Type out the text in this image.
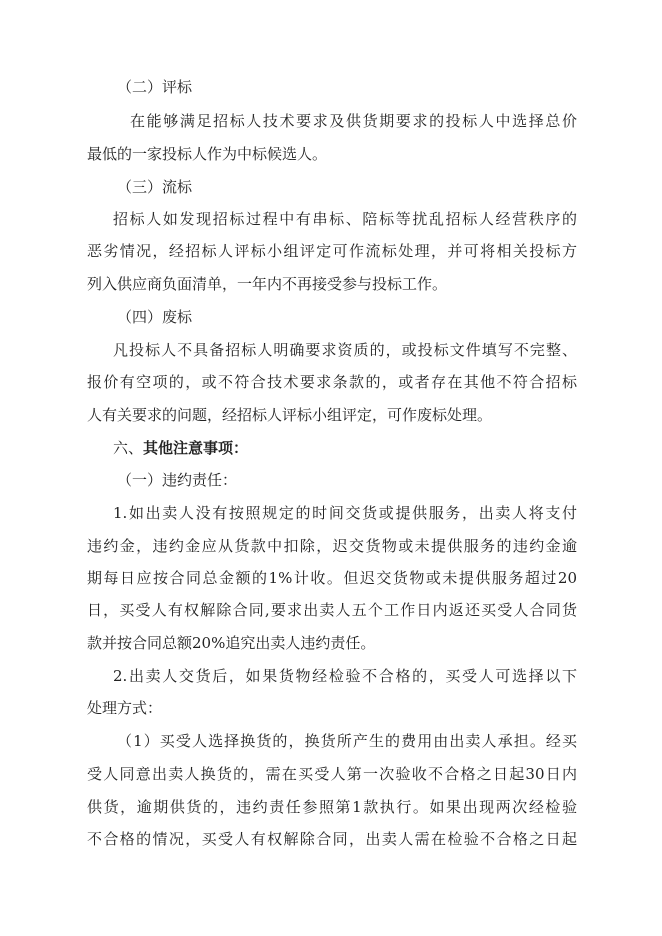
（二）评标
在能够满足招标人技术要求及供货期要求的投标人中选择总价
最低的一家投标人作为中标候选人。
（三）流标
招标人如发现招标过程中有串标、陪标等扰乱招标人经营秩序的
恶劣情况，经招标人评标小组评定可作流标处理，并可将相关投标方
列入供应商负面清单，一年内不再接受参与投标工作。
（四）废标
凡投标人不具备招标人明确要求资质的，或投标文件填写不完整、
报价有空项的，或不符合技术要求条款的，或者存在其他不符合招标
人有关要求的问题，经招标人评标小组评定，可作废标处理。
六、其他注意事项：
（一）违约责任：
1.如出卖人没有按照规定的时间交货或提供服务，出卖人将支付
违约金，违约金应从货款中扣除，迟交货物或未提供服务的违约金逾
期每日应按合同总金额的1%计收。但迟交货物或未提供服务超过20
日，买受人有权解除合同,要求出卖人五个工作日内返还买受人合同货
款并按合同总额20%追究出卖人违约责任。
2.出卖人交货后，如果货物经检验不合格的，买受人可选择以下
处理方式：
（1）买受人选择换货的，换货所产生的费用由出卖人承担。经买
受人同意出卖人换货的，需在买受人第一次验收不合格之日起30日内
供货，逾期供货的，违约责任参照第1款执行。如果出现两次经检验
不合格的情况，买受人有权解除合同，出卖人需在检验不合格之日起
